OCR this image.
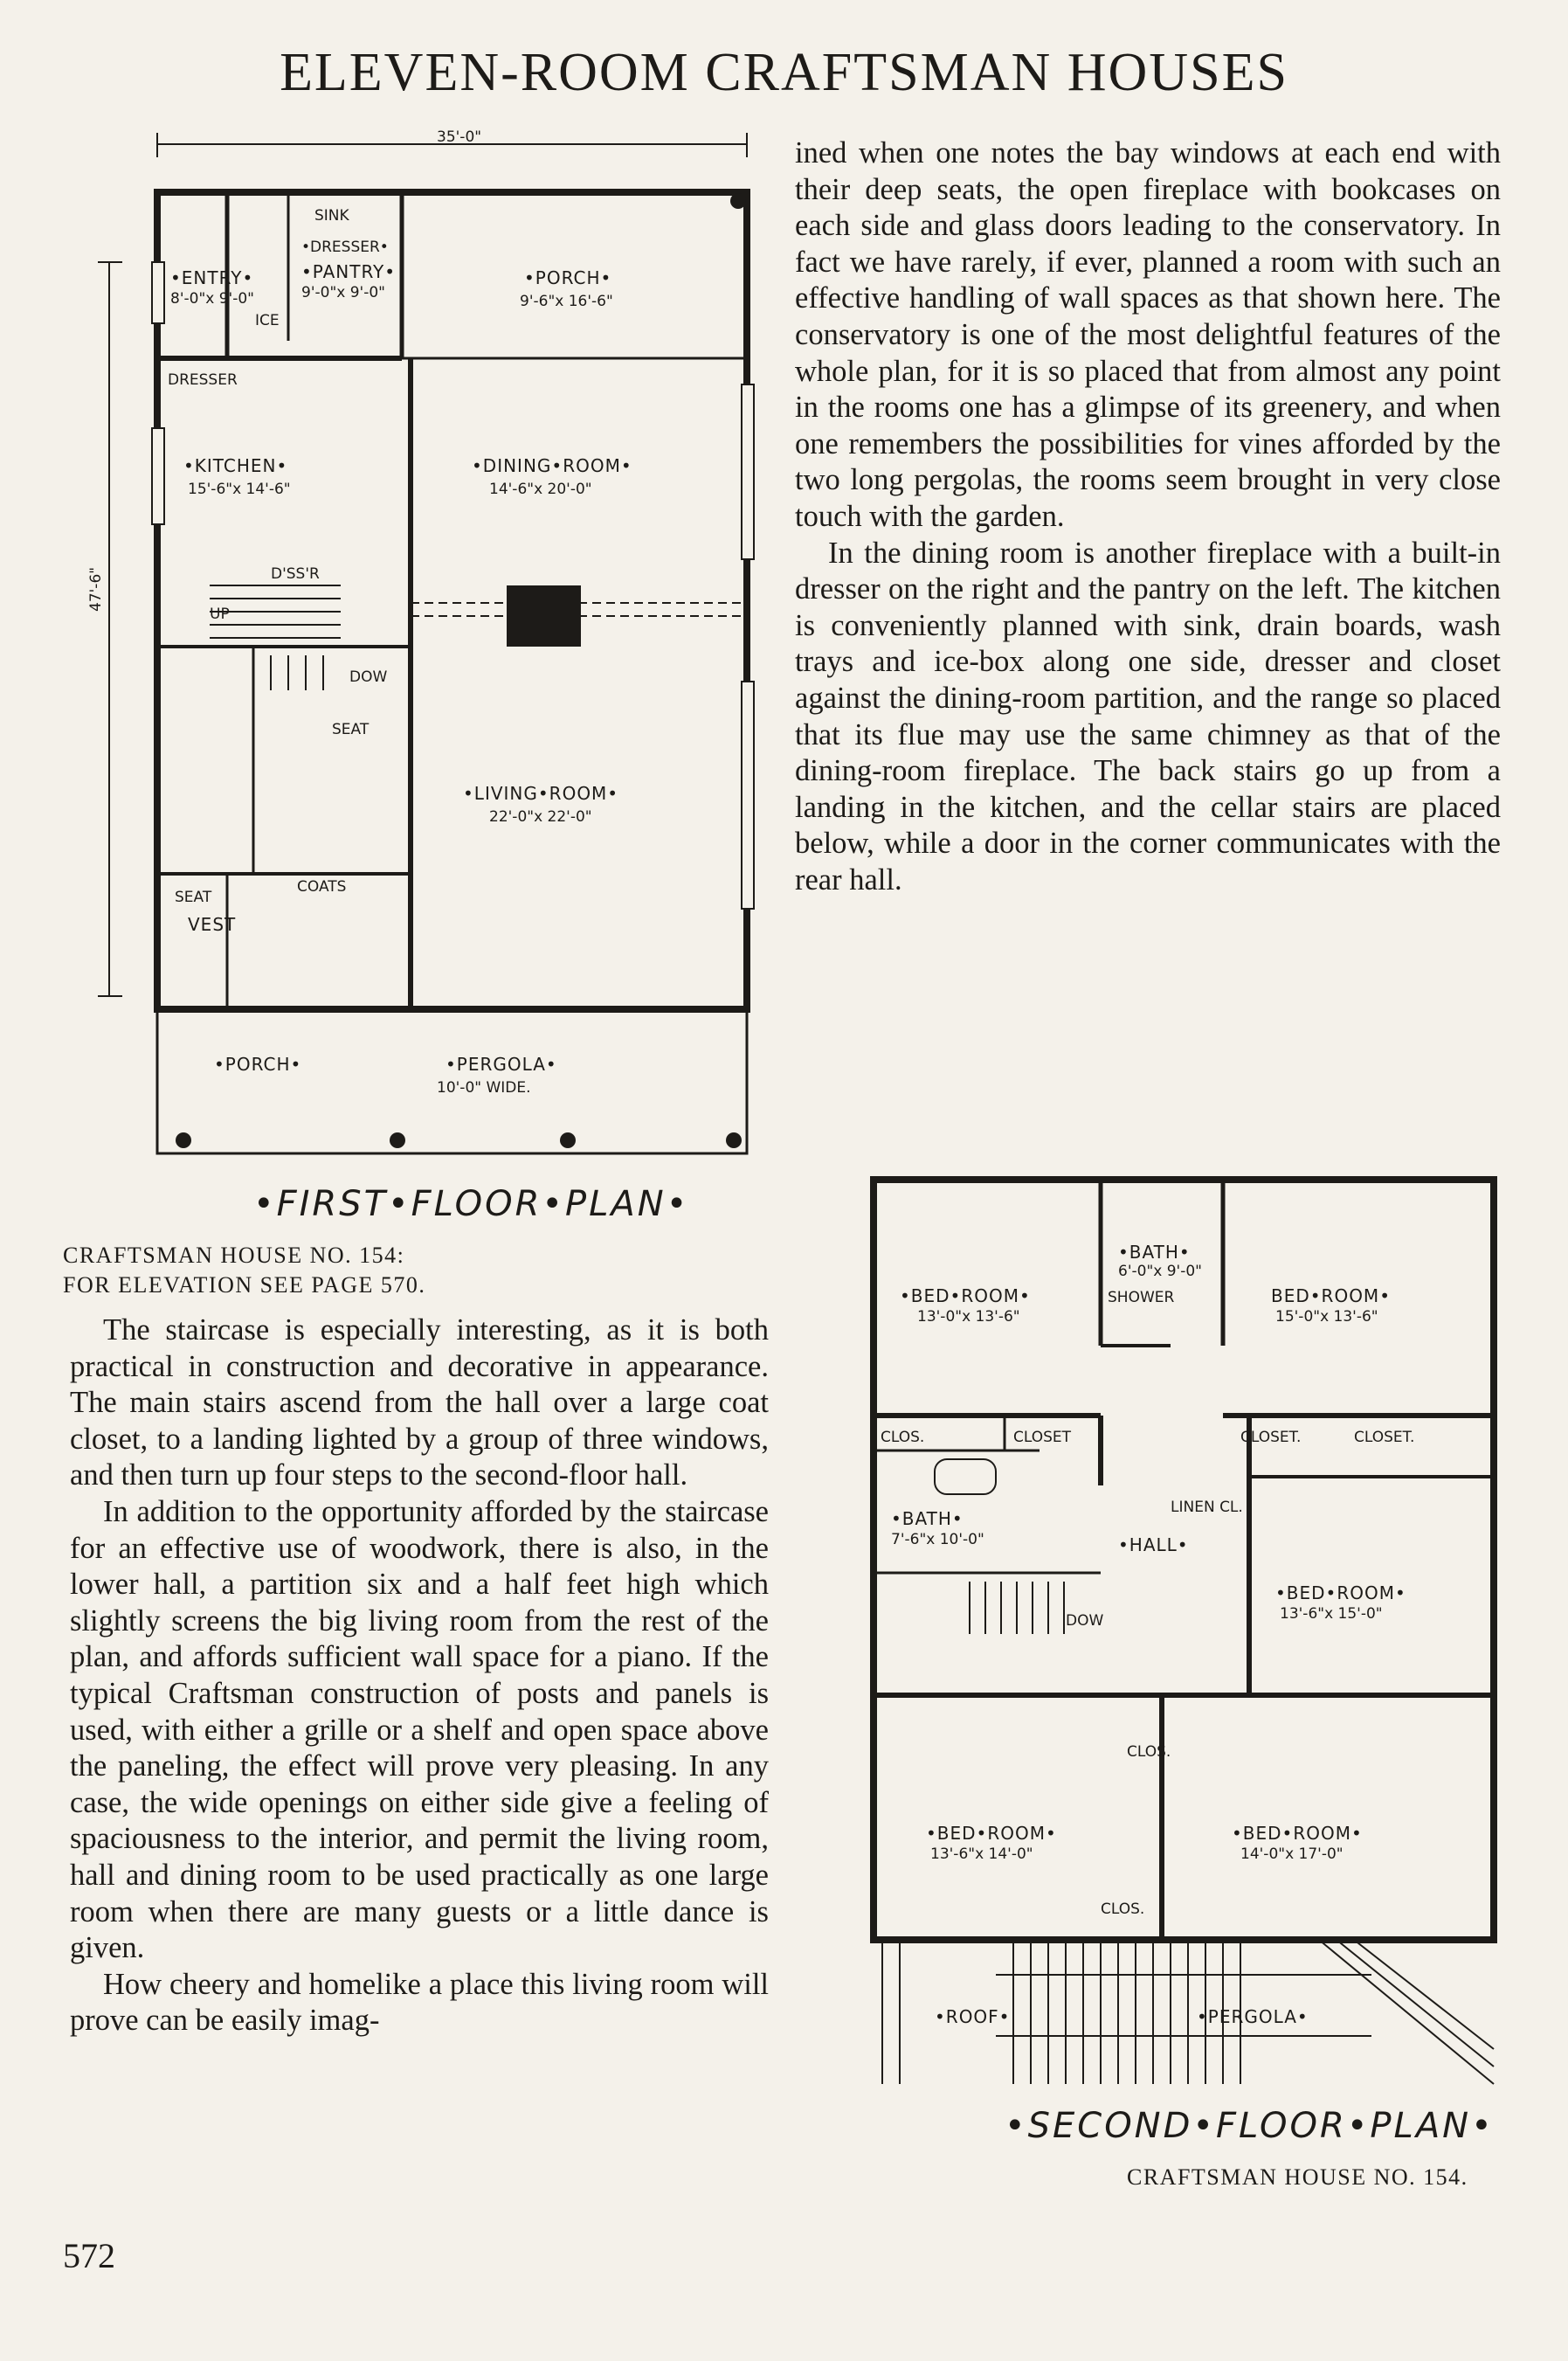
ELEVEN-ROOM CRAFTSMAN HOUSES
35'-0"
47'-6"
•ENTRY•
8'-0"x 9'-0"
SINK
•DRESSER•
•PANTRY•
9'-0"x 9'-0"
ICE
•PORCH•
9'-6"x 16'-6"
DRESSER
•KITCHEN•
15'-6"x 14'-6"
•DINING•ROOM•
14'-6"x 20'-0"
D'SS'R
UP
DOW
SEAT
•LIVING•ROOM•
22'-0"x 22'-0"
COATS
SEAT
VEST
•PORCH•	•PERGOLA•
10'-0" WIDE.
•FIRST•FLOOR•PLAN•
CRAFTSMAN HOUSE NO. 154:
FOR ELEVATION SEE PAGE 570.

The staircase is especially interesting, as it is both practical in construction and decorative in appearance. The main stairs ascend from the hall over a large coat closet, to a landing lighted by a group of three windows, and then turn up four steps to the second-floor hall.

In addition to the opportunity afforded by the staircase for an effective use of woodwork, there is also, in the lower hall, a partition six and a half feet high which slightly screens the big living room from the rest of the plan, and affords sufficient wall space for a piano. If the typical Craftsman construction of posts and panels is used, with either a grille or a shelf and open space above the paneling, the effect will prove very pleasing. In any case, the wide openings on either side give a feeling of spaciousness to the interior, and permit the living room, hall and dining room to be used practically as one large room when there are many guests or a little dance is given.

How cheery and homelike a place this living room will prove can be easily imag-

ined when one notes the bay windows at each end with their deep seats, the open fireplace with bookcases on each side and glass doors leading to the conservatory. In fact we have rarely, if ever, planned a room with such an effective handling of wall spaces as that shown here. The conservatory is one of the most delightful features of the whole plan, for it is so placed that from almost any point in the rooms one has a glimpse of its greenery, and when one remembers the possibilities for vines afforded by the two long pergolas, the rooms seem brought in very close touch with the garden.

In the dining room is another fireplace with a built-in dresser on the right and the pantry on the left. The kitchen is conveniently planned with sink, drain boards, wash trays and ice-box along one side, dresser and closet against the dining-room partition, and the range so placed that its flue may use the same chimney as that of the dining-room fireplace. The back stairs go up from a landing in the kitchen, and the cellar stairs are placed below, while a door in the corner communicates with the rear hall.

•BED•ROOM•
13'-0"x 13'-6"
•BATH•
6'-0"x 9'-0"
SHOWER	BED•ROOM•
15'-0"x 13'-6"
CLOS.	CLOSET	CLOSET.	CLOSET.
•BATH•
7'-6"x 10'-0"
LINEN CL.
•HALL•
DOW
•BED•ROOM•
13'-6"x 15'-0"
CLOS.
•BED•ROOM•
13'-6"x 14'-0"
CLOS.
•BED•ROOM•
14'-0"x 17'-0"
•ROOF•	•PERGOLA•
•SECOND•FLOOR•PLAN•
CRAFTSMAN HOUSE NO. 154.
572
